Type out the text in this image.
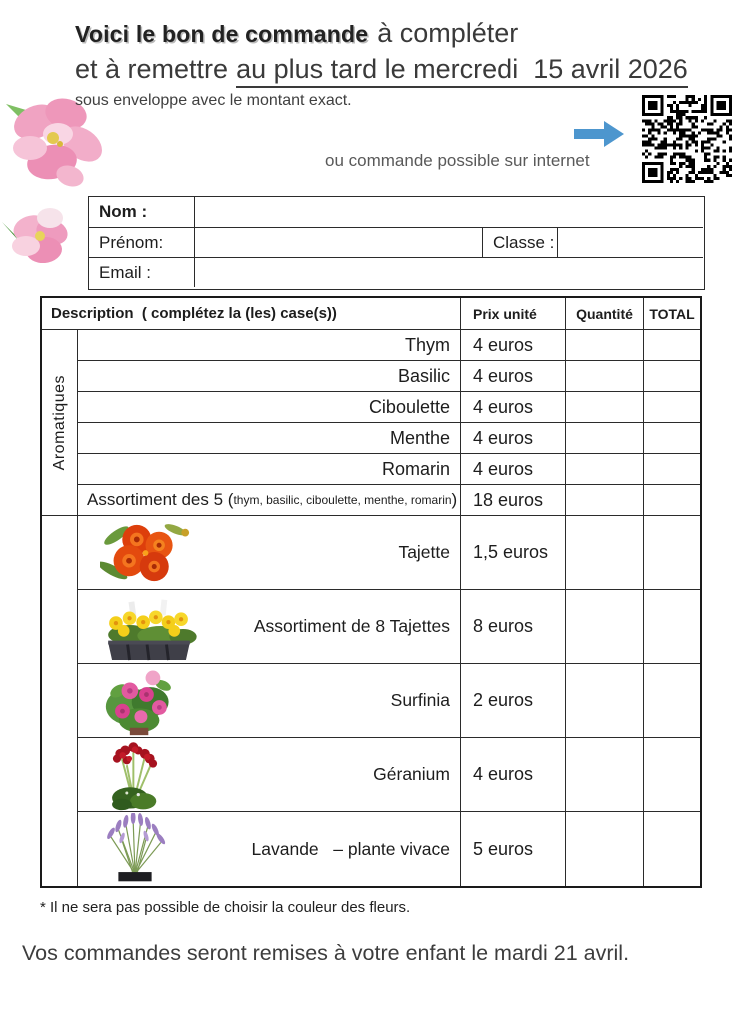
Voici le bon de commande à compléter
et à remettre au plus tard le mercredi  15 avril 2026
sous enveloppe avec le montant exact.
ou commande possible sur internet
Nom :
Prénom:	Classe :
Email :
Description  ( complétez la (les) case(s))	Prix unité	Quantité	TOTAL
Aromatiques
Thym	4 euros
Basilic	4 euros
Ciboulette	4 euros
Menthe	4 euros
Romarin	4 euros
Assortiment des 5 ( thym, basilic, ciboulette, menthe, romarin ) 18 euros
Tajette	1,5 euros
Assortiment de 8 Tajettes	8 euros
Surfinia	2 euros
Géranium	4 euros
Lavande   – plante vivace	5 euros
* Il ne sera pas possible de choisir la couleur des fleurs.
Vos commandes seront remises à votre enfant le mardi 21 avril.
